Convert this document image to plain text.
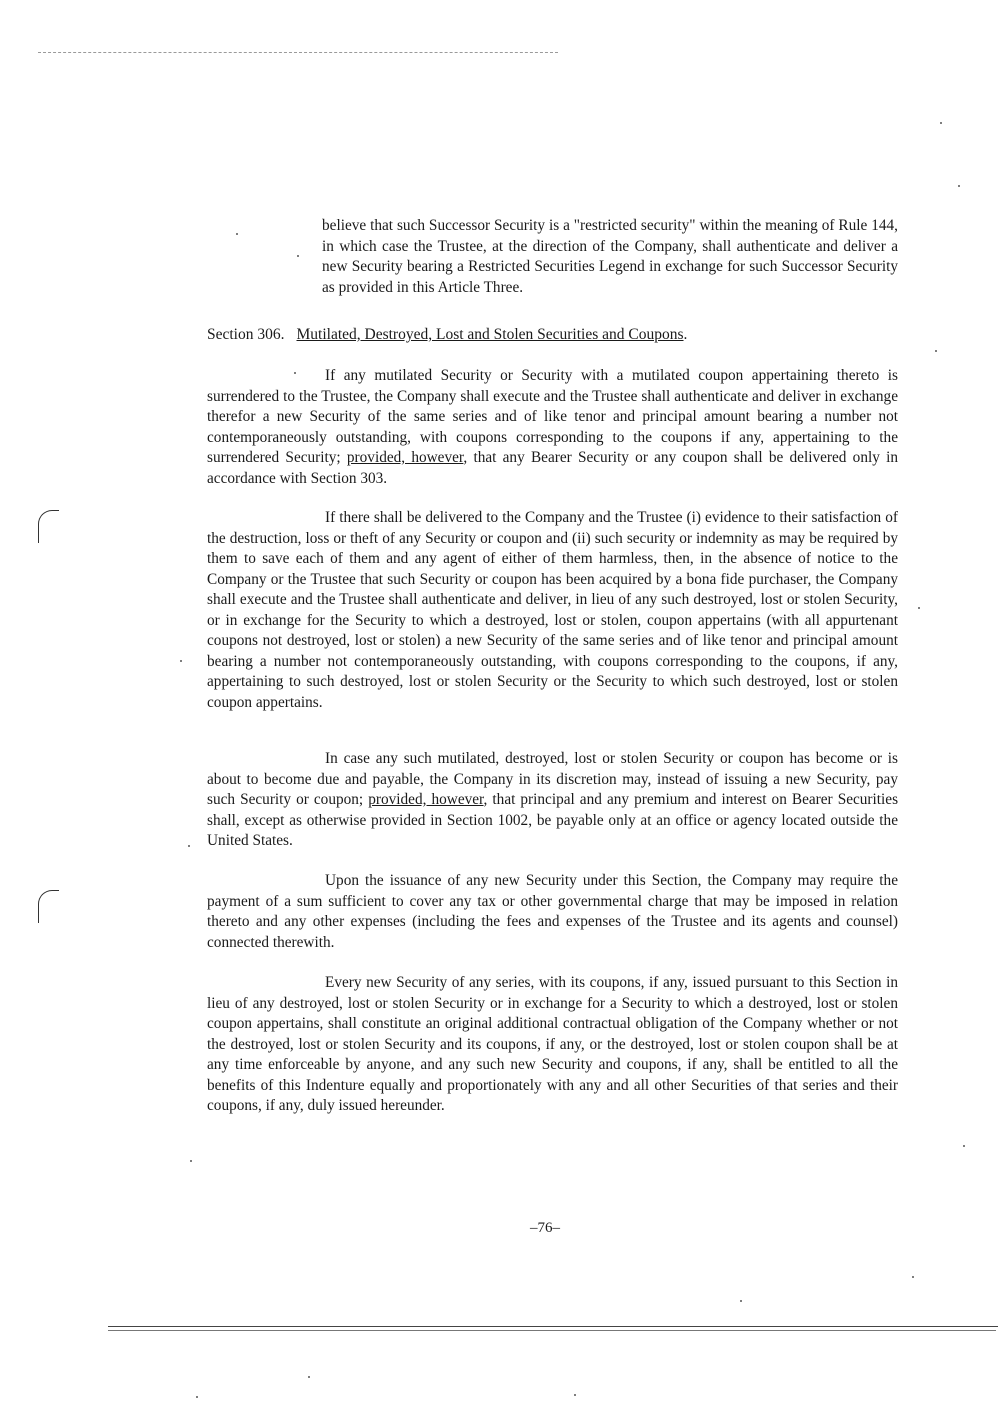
believe that such Successor Security is a "restricted security" within the meaning of Rule 144, in which case the Trustee, at the direction of the Company, shall authenticate and deliver a new Security bearing a Restricted Securities Legend in exchange for such Successor Security as provided in this Article Three.

Section 306. Mutilated, Destroyed, Lost and Stolen Securities and Coupons.

If any mutilated Security or Security with a mutilated coupon appertaining thereto is surrendered to the Trustee, the Company shall execute and the Trustee shall authenticate and deliver in exchange therefor a new Security of the same series and of like tenor and principal amount bearing a number not contemporaneously outstanding, with coupons corresponding to the coupons if any, appertaining to the surrendered Security; provided, however, that any Bearer Security or any coupon shall be delivered only in accordance with Section 303.

If there shall be delivered to the Company and the Trustee (i) evidence to their satisfaction of the destruction, loss or theft of any Security or coupon and (ii) such security or indemnity as may be required by them to save each of them and any agent of either of them harmless, then, in the absence of notice to the Company or the Trustee that such Security or coupon has been acquired by a bona fide purchaser, the Company shall execute and the Trustee shall authenticate and deliver, in lieu of any such destroyed, lost or stolen Security, or in exchange for the Security to which a destroyed, lost or stolen, coupon appertains (with all appurtenant coupons not destroyed, lost or stolen) a new Security of the same series and of like tenor and principal amount bearing a number not contemporaneously outstanding, with coupons corresponding to the coupons, if any, appertaining to such destroyed, lost or stolen Security or the Security to which such destroyed, lost or stolen coupon appertains.

In case any such mutilated, destroyed, lost or stolen Security or coupon has become or is about to become due and payable, the Company in its discretion may, instead of issuing a new Security, pay such Security or coupon; provided, however, that principal and any premium and interest on Bearer Securities shall, except as otherwise provided in Section 1002, be payable only at an office or agency located outside the United States.

Upon the issuance of any new Security under this Section, the Company may require the payment of a sum sufficient to cover any tax or other governmental charge that may be imposed in relation thereto and any other expenses (including the fees and expenses of the Trustee and its agents and counsel) connected therewith.

Every new Security of any series, with its coupons, if any, issued pursuant to this Section in lieu of any destroyed, lost or stolen Security or in exchange for a Security to which a destroyed, lost or stolen coupon appertains, shall constitute an original additional contractual obligation of the Company whether or not the destroyed, lost or stolen Security and its coupons, if any, or the destroyed, lost or stolen coupon shall be at any time enforceable by anyone, and any such new Security and coupons, if any, shall be entitled to all the benefits of this Indenture equally and proportionately with any and all other Securities of that series and their coupons, if any, duly issued hereunder.

–76–
